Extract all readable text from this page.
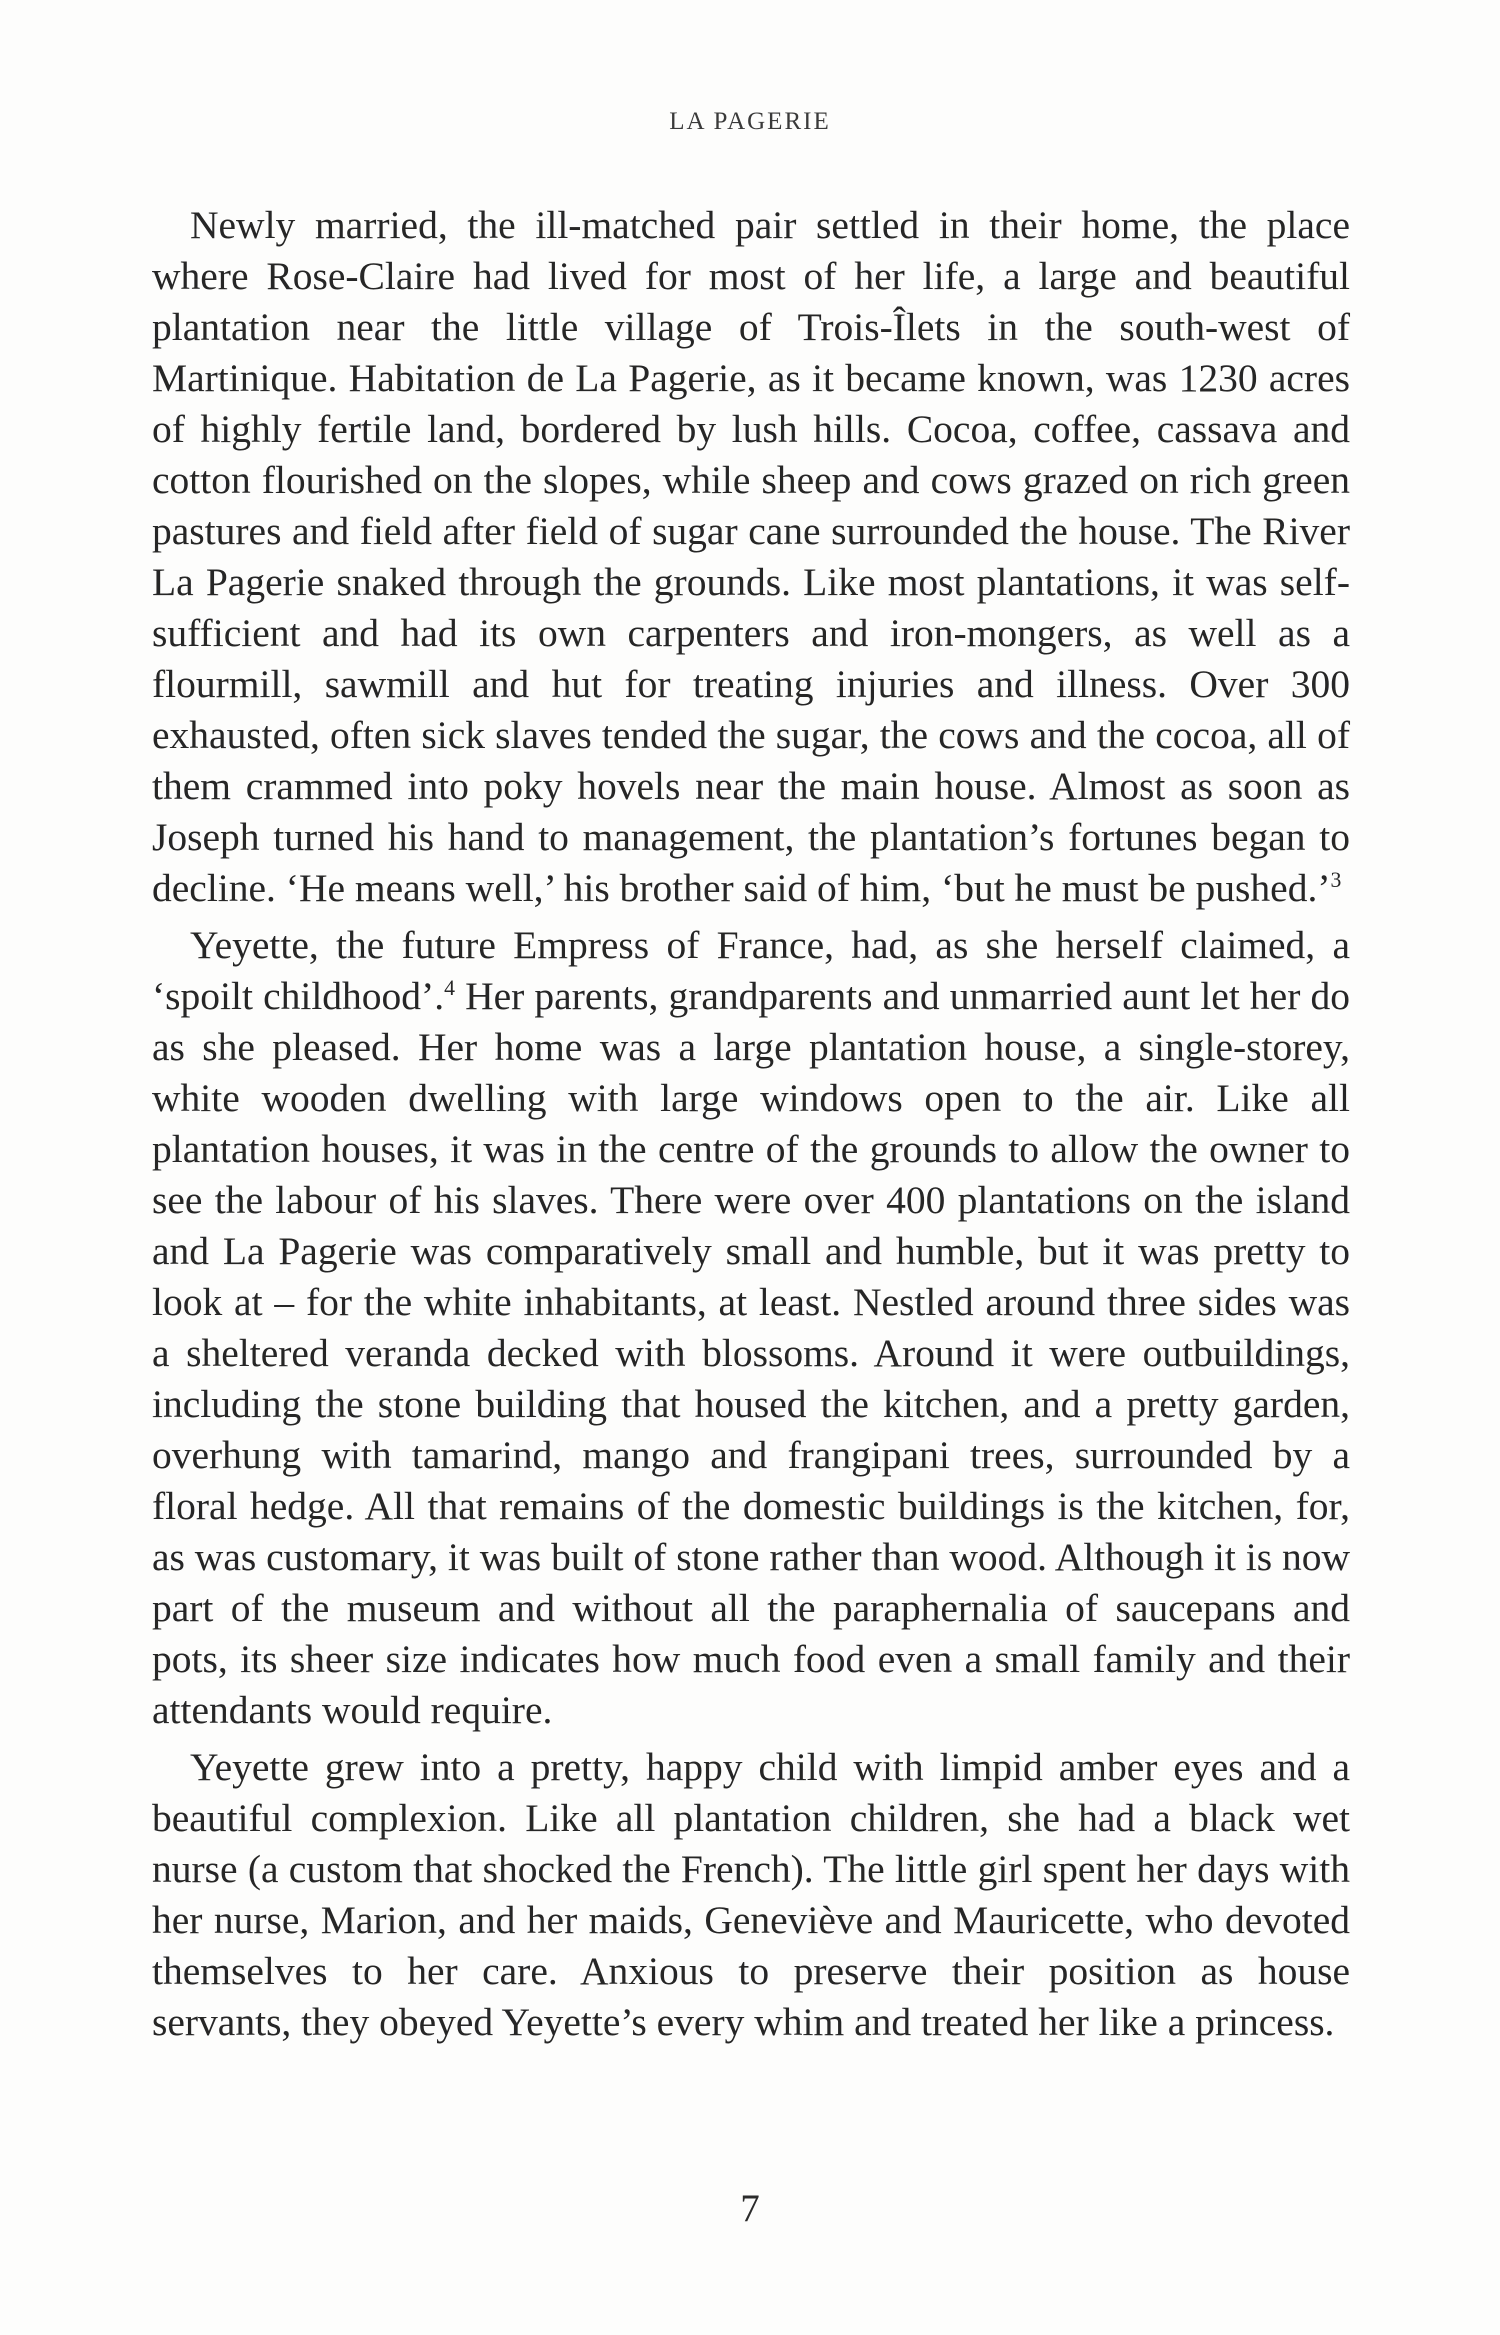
LA PAGERIE

Newly married, the ill-matched pair settled in their home, the place where Rose-Claire had lived for most of her life, a large and beautiful plantation near the little village of Trois-Îlets in the south-west of Martinique. Habitation de La Pagerie, as it became known, was 1230 acres of highly fertile land, bordered by lush hills. Cocoa, coffee, cassava and cotton flourished on the slopes, while sheep and cows grazed on rich green pastures and field after field of sugar cane surrounded the house. The River La Pagerie snaked through the grounds. Like most plantations, it was self-sufficient and had its own carpenters and iron-mongers, as well as a flourmill, sawmill and hut for treating injuries and illness. Over 300 exhausted, often sick slaves tended the sugar, the cows and the cocoa, all of them crammed into poky hovels near the main house. Almost as soon as Joseph turned his hand to management, the plantation’s fortunes began to decline. ‘He means well,’ his brother said of him, ‘but he must be pushed.’$^3$

Yeyette, the future Empress of France, had, as she herself claimed, a ‘spoilt childhood’.$^4$ Her parents, grandparents and unmarried aunt let her do as she pleased. Her home was a large plantation house, a single-storey, white wooden dwelling with large windows open to the air. Like all plantation houses, it was in the centre of the grounds to allow the owner to see the labour of his slaves. There were over 400 plantations on the island and La Pagerie was comparatively small and humble, but it was pretty to look at – for the white inhabitants, at least. Nestled around three sides was a sheltered veranda decked with blossoms. Around it were outbuildings, including the stone building that housed the kitchen, and a pretty garden, overhung with tamarind, mango and frangipani trees, surrounded by a floral hedge. All that remains of the domestic buildings is the kitchen, for, as was customary, it was built of stone rather than wood. Although it is now part of the museum and without all the paraphernalia of saucepans and pots, its sheer size indicates how much food even a small family and their attendants would require.

Yeyette grew into a pretty, happy child with limpid amber eyes and a beautiful complexion. Like all plantation children, she had a black wet nurse (a custom that shocked the French). The little girl spent her days with her nurse, Marion, and her maids, Geneviève and Mauricette, who devoted themselves to her care. Anxious to preserve their position as house servants, they obeyed Yeyette’s every whim and treated her like a princess.

7
